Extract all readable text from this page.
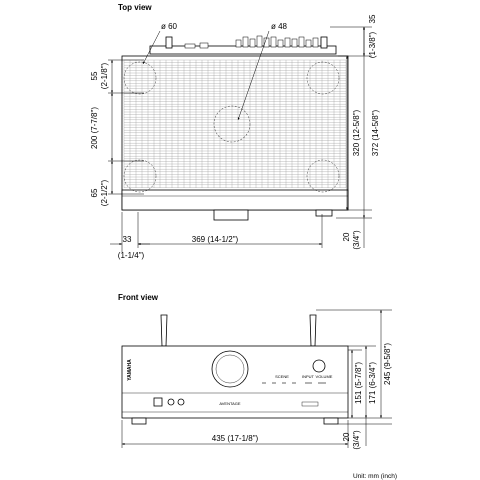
Top view
ø 60	ø 48
55 (2-1/8")
200 (7-7/8")
65 (2-1/2")
35
(1-3/8")
320 (12-5/8") 372 (14-5/8")
20 (3/4")
33
(1-1/4")
369 (14-1/2")
Front view
SCENE	INPUT VOLUME
YAMAHA
AVENTAGE	151 (5-7/8") 171 (6-3/4") 245 (9-5/8")
20 (3/4")
435 (17-1/8")
Unit: mm (inch)
